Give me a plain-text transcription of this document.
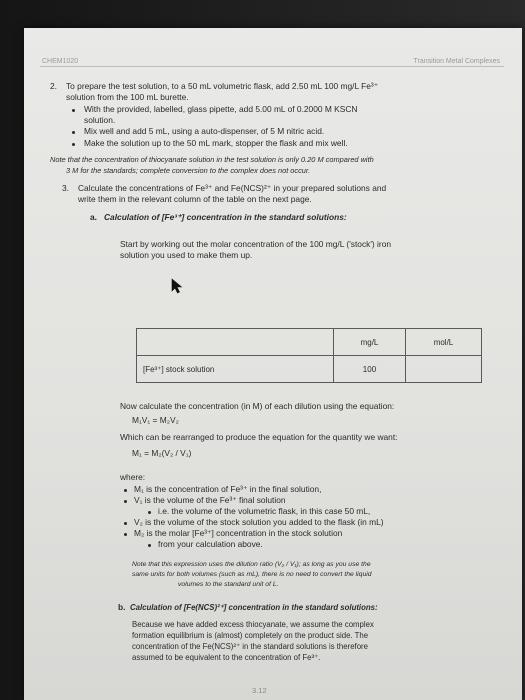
CHEM1020	Transition Metal Complexes
2. To prepare the test solution, to a 50 mL volumetric flask, add 2.50 mL 100 mg/L Fe³⁺
solution from the 100 mL burette.
With the provided, labelled, glass pipette, add 5.00 mL of 0.2000 M KSCN
solution.
Mix well and add 5 mL, using a auto-dispenser, of 5 M nitric acid.
Make the solution up to the 50 mL mark, stopper the flask and mix well.
Note that the concentration of thiocyanate solution in the test solution is only 0.20 M compared with
3 M for the standards; complete conversion to the complex does not occur.
3. Calculate the concentrations of Fe³⁺ and Fe(NCS)²⁺ in your prepared solutions and
write them in the relevant column of the table on the next page.
a. Calculation of [Fe³⁺] concentration in the standard solutions:
Start by working out the molar concentration of the 100 mg/L ('stock') iron
solution you used to make them up.
	mg/L	mol/L
[Fe³⁺] stock solution	100	
Now calculate the concentration (in M) of each dilution using the equation:
M₁V₁ = M₂V₂
Which can be rearranged to produce the equation for the quantity we want:
M₁ = M₂(V₂ / V₁)
where:
M₁ is the concentration of Fe³⁺ in the final solution,
V₁ is the volume of the Fe³⁺ final solution
i.e. the volume of the volumetric flask, in this case 50 mL,
V₂ is the volume of the stock solution you added to the flask (in mL)
M₂ is the molar [Fe³⁺] concentration in the stock solution
from your calculation above.
Note that this expression uses the dilution ratio (V₂ / V₁); as long as you use the
same units for both volumes (such as mL), there is no need to convert the liquid
volumes to the standard unit of L.
b. Calculation of [Fe(NCS)²⁺] concentration in the standard solutions:
Because we have added excess thiocyanate, we assume the complex
formation equilibrium is (almost) completely on the product side. The
concentration of the Fe(NCS)²⁺ in the standard solutions is therefore
assumed to be equivalent to the concentration of Fe³⁺.
3.12
